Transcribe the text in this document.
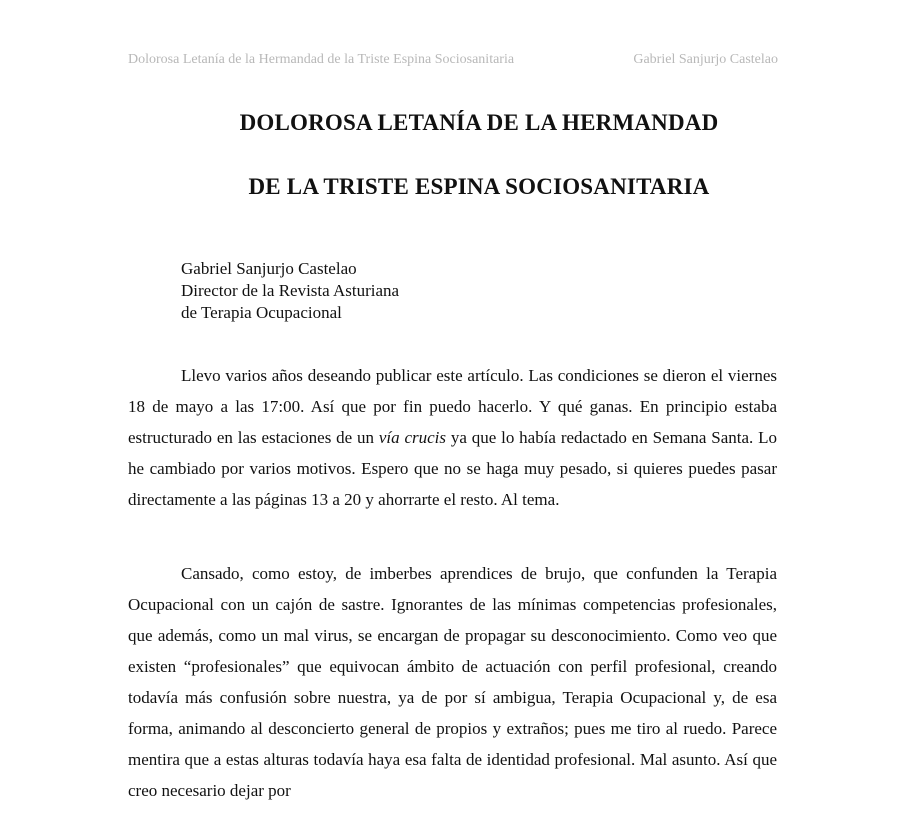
Dolorosa Letanía de la Hermandad de la Triste Espina Sociosanitaria	Gabriel Sanjurjo Castelao
DOLOROSA LETANÍA DE LA HERMANDAD
DE LA TRISTE ESPINA SOCIOSANITARIA
Gabriel Sanjurjo Castelao
Director de la Revista Asturiana
de Terapia Ocupacional

Llevo varios años deseando publicar este artículo. Las condiciones se dieron el viernes 18 de mayo a las 17:00. Así que por fin puedo hacerlo. Y qué ganas. En principio estaba estructurado en las estaciones de un vía crucis ya que lo había redactado en Semana Santa. Lo he cambiado por varios motivos. Espero que no se haga muy pesado, si quieres puedes pasar directamente a las páginas 13 a 20 y ahorrarte el resto. Al tema.

Cansado, como estoy, de imberbes aprendices de brujo, que confunden la Terapia Ocupacional con un cajón de sastre. Ignorantes de las mínimas competencias profesionales, que además, como un mal virus, se encargan de propagar su desconocimiento. Como veo que existen “profesionales” que equivocan ámbito de actuación con perfil profesional, creando todavía más confusión sobre nuestra, ya de por sí ambigua, Terapia Ocupacional y, de esa forma, animando al desconcierto general de propios y extraños; pues me tiro al ruedo. Parece mentira que a estas alturas todavía haya esa falta de identidad profesional. Mal asunto. Así que creo necesario dejar por
